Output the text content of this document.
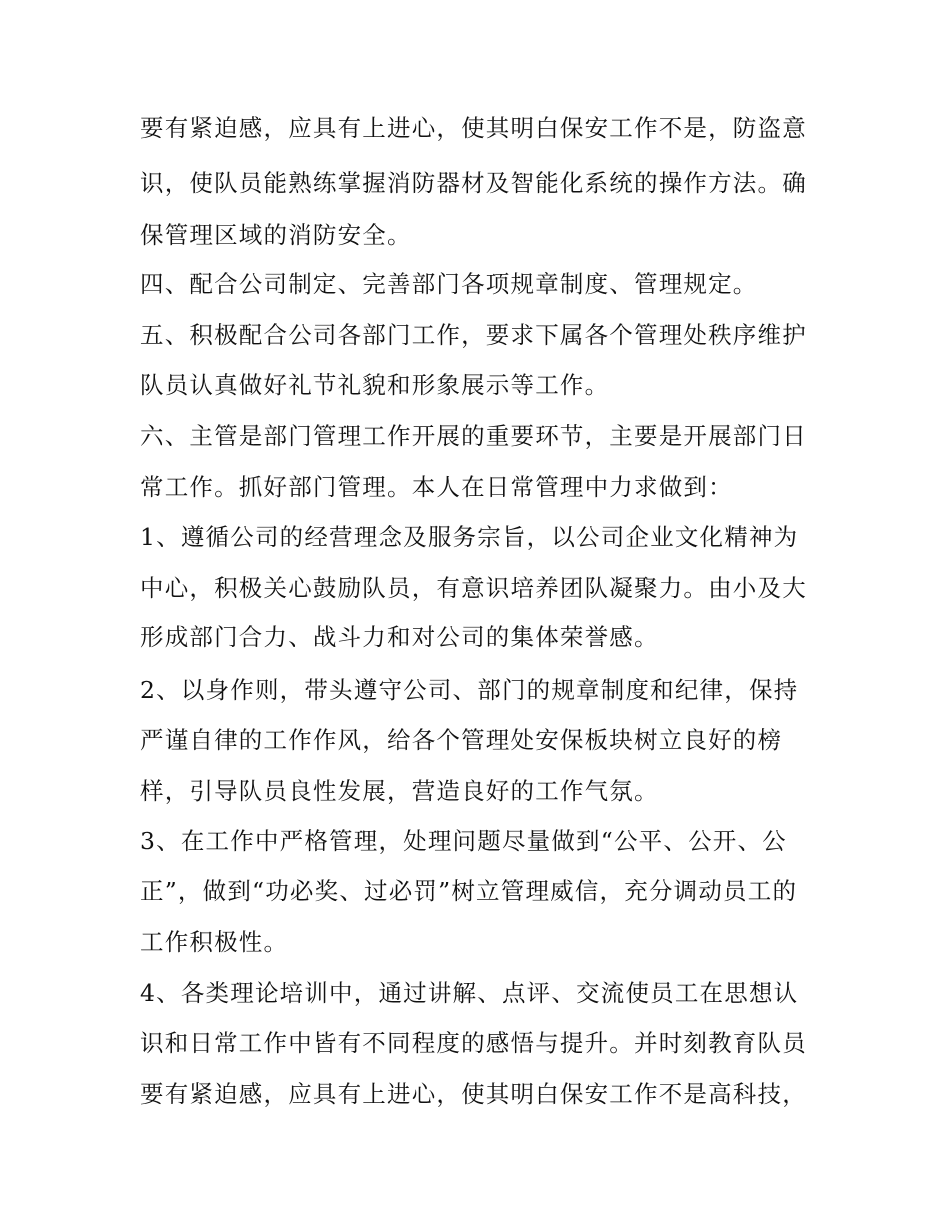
要有紧迫感，应具有上进心，使其明白保安工作不是，防盗意
识，使队员能熟练掌握消防器材及智能化系统的操作方法。确
保管理区域的消防安全。
四、配合公司制定、完善部门各项规章制度、管理规定。
五、积极配合公司各部门工作，要求下属各个管理处秩序维护
队员认真做好礼节礼貌和形象展示等工作。
六、主管是部门管理工作开展的重要环节，主要是开展部门日
常工作。抓好部门管理。本人在日常管理中力求做到：
1、遵循公司的经营理念及服务宗旨，以公司企业文化精神为
中心，积极关心鼓励队员，有意识培养团队凝聚力。由小及大
形成部门合力、战斗力和对公司的集体荣誉感。
2、以身作则，带头遵守公司、部门的规章制度和纪律，保持
严谨自律的工作作风，给各个管理处安保板块树立良好的榜
样，引导队员良性发展，营造良好的工作气氛。
3、在工作中严格管理，处理问题尽量做到“公平、公开、公
正”，做到“功必奖、过必罚”树立管理威信，充分调动员工的
工作积极性。
4、各类理论培训中，通过讲解、点评、交流使员工在思想认
识和日常工作中皆有不同程度的感悟与提升。并时刻教育队员
要有紧迫感，应具有上进心，使其明白保安工作不是高科技，
